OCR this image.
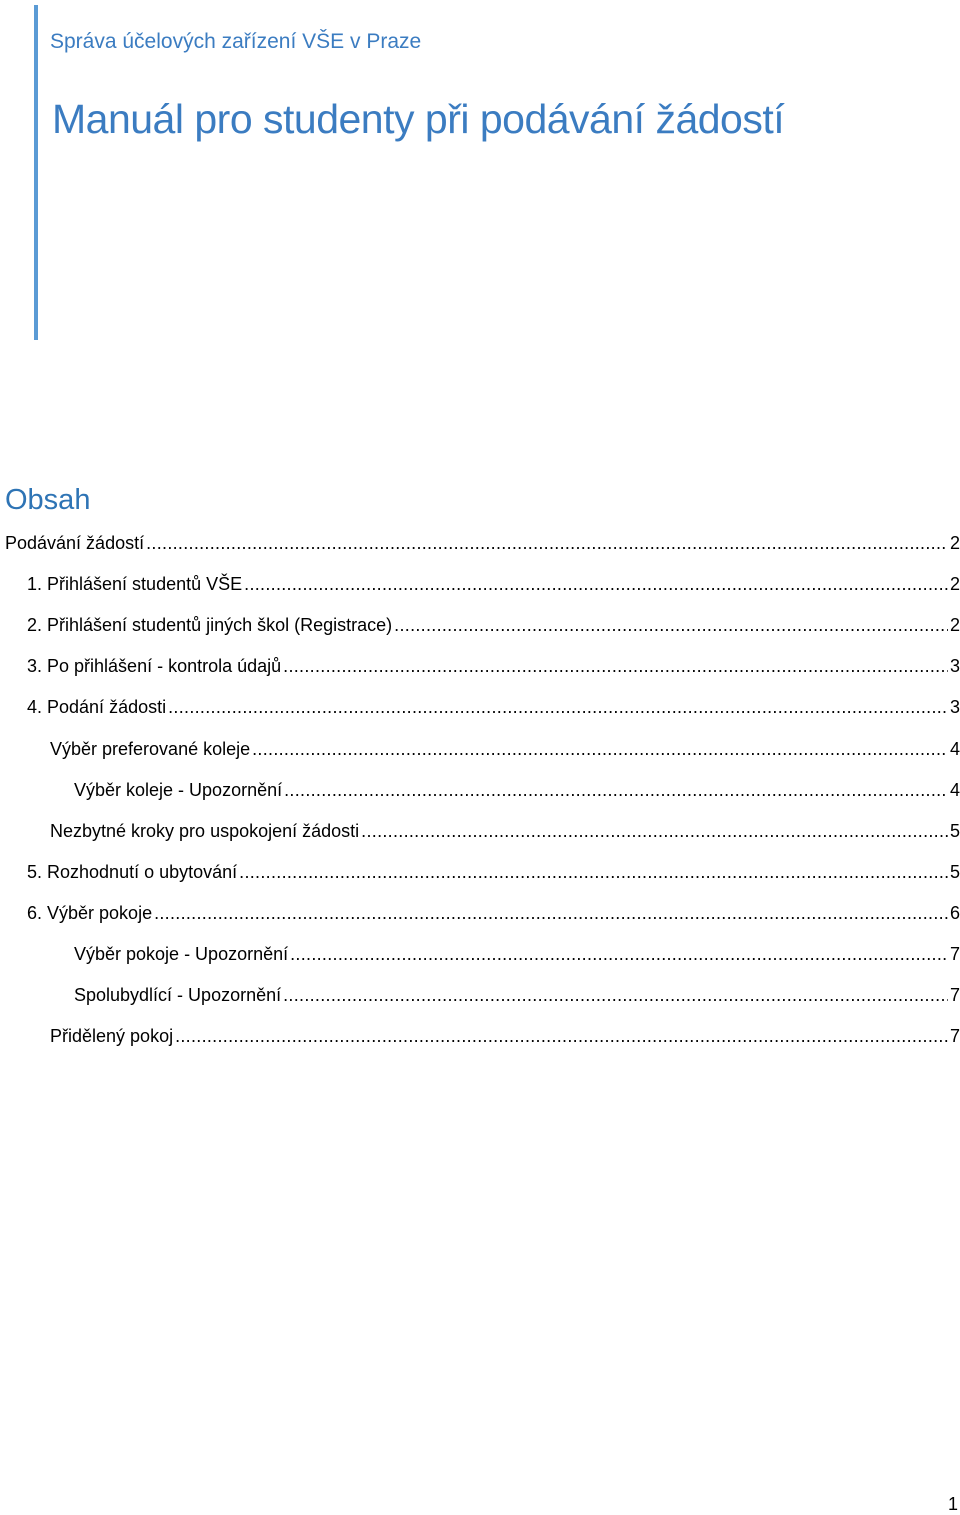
Správa účelových zařízení VŠE v Praze
Manuál pro studenty při podávání žádostí
Obsah
Podávání žádostí .....	2
1. Přihlášení studentů VŠE .....	2
2. Přihlášení studentů jiných škol (Registrace) .....	2
3. Po přihlášení - kontrola údajů .....	3
4. Podání žádosti .....	3
Výběr preferované koleje .....	4
Výběr koleje - Upozornění .....	4
Nezbytné kroky pro uspokojení žádosti .....	5
5. Rozhodnutí o ubytování .....	5
6. Výběr pokoje .....	6
Výběr pokoje - Upozornění .....	7
Spolubydlící - Upozornění .....	7
Přidělený pokoj .....	7
1
